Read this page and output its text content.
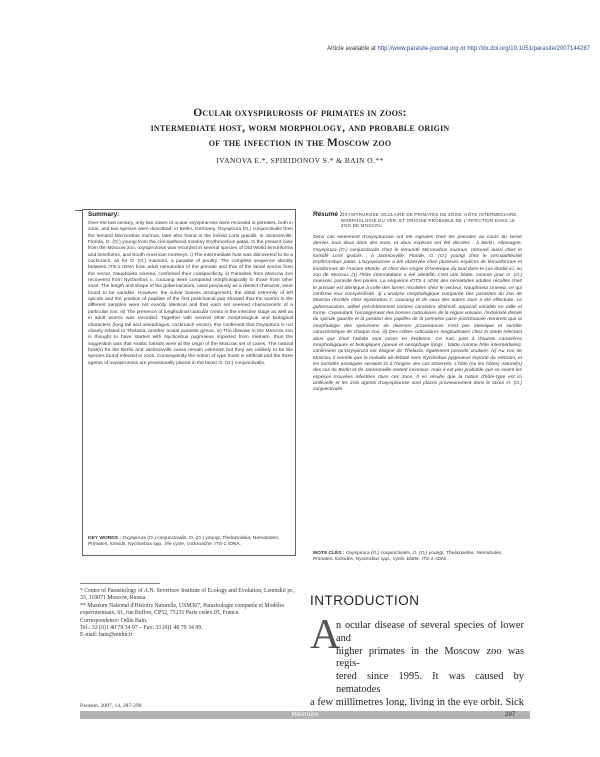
Article available at http://www.parasite-journal.org or http://dx.doi.org/10.1051/parasite/2007144287
Ocular oxyspirurosis of primates in zoos:
intermediate host, worm morphology, and probable origin
of the infection in the Moscow zoo
IVANOVA E.*, SPIRIDONOV S.* & BAIN O.**
Summary:
Over the last century, only two cases of ocular oxyspirurosis were recorded in primates, both in zoos, and two species were described: in Berlin, Germany, Oxyspirura (O.) conjunctivalis from the lemurid Microcebus murinus, later also found in the loriisid Loris gracilis; in Jacksonville, Florida, O. (O.) youngi from the cercopithecid monkey Erythrocebus patas. In the present case from the Moscow zoo, oxyspirurosis was recorded in several species of Old World lemuriforms and lorisiforms, and South American monkeys. i) The intermediate host was discovered to be a cockroach, as for O. (O.) mansoni, a parasite of poultry. The complete sequence identity between ITS-1 rDNA from adult nematodes of the primate and that of the larval worms from the vector, Nauphoeta cinerea, confirmed their conspecificity. ii) Parasites from Moscow zoo recovered from Nycticebus c. coucang were compared morphologically to those from other zoos. The length and shape of the gubernaculum, used previously as a distinct character, were found to be variable. However, the vulvar bosses arrangement, the distal extremity of left spicule and the position of papillae of the first postcloacal pair showed that the worms in the different samples were not exactly identical and that each set seemed characteristic of a particular zoo. iii) The presence of longitudinal cuticular crests in the infective stage as well as in adult worms was recorded. Together with several other morphological and biological characters (long tail and oesophagus, cockroach vector), this confirmed that Oxyspirura is not closely related to Thelazia, another ocular parasite genus. iv) The disease in the Moscow zoo is thought to have started with Nycticebus pygmaeus imported from Vietnam, thus the suggestion was that Asiatic lorisids were at the origin of the Moscow set of cases. The natural host(s) for the Berlin and Jacksonville cases remain unknown but they are unlikely to be the species found infected in zoos. Consequently the notion of type hosts is artificial and the three agents of oxyspirurosis are provisionally placed in the taxon O. (O.) conjunctivalis.
KEY WORDS : Oxyspirura (O.) conjunctivalis, O. (O.) youngi, Thelazioidea, Nematodes, Primates, lorisids, Nycticebus spp., life cycle, cockroache, ITS-1 rDNA.
Résumé : OXYSPIRUROSE OCULAIRE DE PRIMATES DE ZOOS: HÔTE INTERMÉDIAIRE, MORPHOLOGIE DU VER, ET ORIGINE PROBABLE DE L'INFECTION DANS LE ZOO DE MOSCOU
Deux cas seulement d'oxyspirurose ont été signalés chez les primates au cours du siècle dernier, tous deux dans des zoos, et deux espèces ont été décrites : à Berlin, Allemagne, Oxyspirura (O.) conjunctivalis chez le lémuridé Microcebus murinus, retrouvé aussi chez le lorisidé Loris gracilis ; à Jacksonville, Floride, O. (O.) youngi chez le cercopithécidé Erythrocebus patas. L'oxyspirurose a été observée chez plusieurs espèces de lémuriformes et lorisiformes de l'Ancien Monde, et chez des singes d'Amérique du Sud dans le cas étudié ici, au zoo de Moscou. (1) l'hôte intermédiaire a été identifié, c'est une blatte, comme pour O. (O.) mansoni, parasite des poules. La séquence d'ITS-1 ADNr des nématodes adultes récoltés chez le primate est identique à celle des larves récoltées chez le vecteur, Nauphoeta cinerea, ce qui confirme leur conspécificité. ii) L'analyse morphologique comparée des parasites du zoo de Moscou récoltés chez Nycticebus c. coucang et de ceux des autres zoos a été effectuée. Le gubernaculum, utilisé précédemment comme caractère distinctif, apparaît variable en taille et forme. Cependant, l'arrangement des bosses cuticulaires de la région vulvaire, l'extrémité distale du spicule gauche et la position des papilles de la première paire postcloacale montrent que la morphologie des spécimens de diverses provenances n'est pas identique et semble caractéristique de chaque zoo. iii) Des crêtes cuticulaires longitudinales chez le stade infectant ainsi que chez l'adulte sont mises en évidence. Ce trait, joint à d'autres caractères morphologiques et biologiques (queue et oesophage longs ; blatte comme hôte intermédiaire), confirment qu'Oxyspirura est éloigné de Thelazia, également parasite oculaire. iv) Au zoo de Moscou, il semble que la maladie ait débuté avec Nycticebus pygmaeus importé du Vietnam, et les lorisidés asiatiques seraient ici à l'origine des cas observés. L'hôte (ou les hôtes) naturel(s) des cas de Berlin et de Jacksonville restent inconnus, mais il est peu probable que ce soient les espèces trouvées infectées dans ces zoos. Il en résulte que la notion d'hôte-type est ici artificielle et les trois agents d'oxyspirurose sont placés provisoirement dans le taxon O. (O.) conjunctivalis.
MOTS CLÉS : Oxyspirura (O.) conjunctivalis, O. (O.) youngi, Thelazioidea, Nématodes, Primates, lorisidés, Nycticebus spp., cycle, blatte, ITS-1 ADNr.
* Centre of Parasitology of A.N. Severtsov Institute of Ecology and Evolution, Leninskii pr., 33, 119071 Moscow, Russia.
** Muséum National d'Histoire Naturelle, USM307, Parasitologie comparée et Modèles expérimentaux, 61, rue Buffon, CP52, 75231 Paris cedex 05, France.
Correspondence: Odile Bain.
Tel.: 33 (0)1 40 79 34 97 – Fax: 33 (0)1 40 79 34 99.
E-mail: bain@mnhn.fr
INTRODUCTION
A
n ocular disease of several species of lower and
higher primates in the Moscow zoo was regis-
tered since 1995. It was caused by nematodes
a few millimetres long, living in the eye orbit. Sick
Parasite, 2007, 14, 287-298
Mémoire	287
